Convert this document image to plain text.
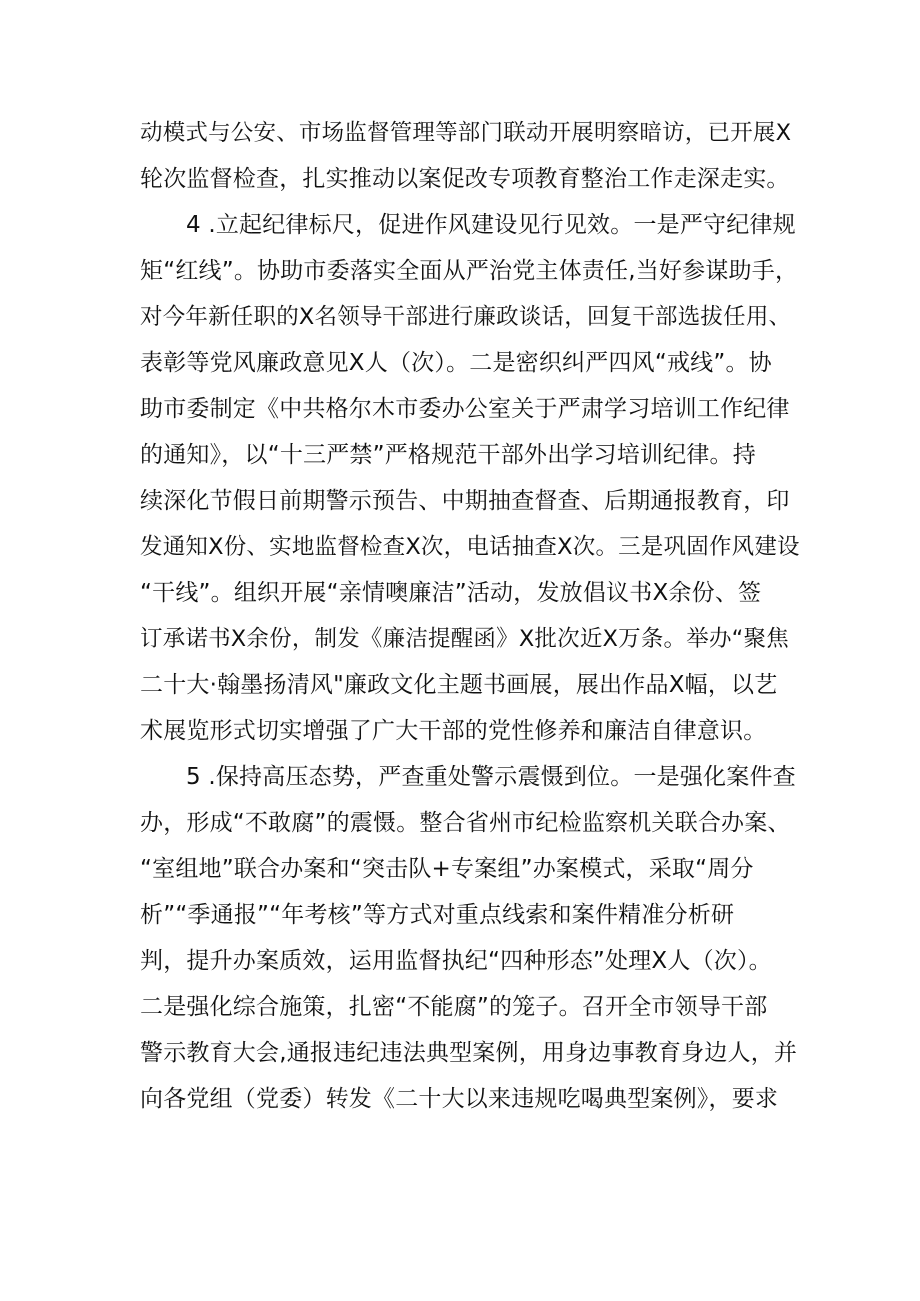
动模式与公安、市场监督管理等部门联动开展明察暗访，已开展X
轮次监督检查，扎实推动以案促改专项教育整治工作走深走实。
4 .立起纪律标尺，促进作风建设见行见效。一是严守纪律规
矩“红线”。协助市委落实全面从严治党主体责任,当好参谋助手，
对今年新任职的X名领导干部进行廉政谈话，回复干部选拔任用、
表彰等党风廉政意见X人（次）。二是密织纠严四风“戒线”。协
助市委制定《中共格尔木市委办公室关于严肃学习培训工作纪律
的通知》，以“十三严禁”严格规范干部外出学习培训纪律。持
续深化节假日前期警示预告、中期抽查督查、后期通报教育，印
发通知X份、实地监督检查X次，电话抽查X次。三是巩固作风建设
“干线”。组织开展“亲情噢廉洁”活动，发放倡议书X余份、签
订承诺书X余份，制发《廉洁提醒函》X批次近X万条。举办“聚焦
二十大·翰墨扬清风"廉政文化主题书画展，展出作品X幅，以艺
术展览形式切实增强了广大干部的党性修养和廉洁自律意识。
5 .保持高压态势，严查重处警示震慑到位。一是强化案件查
办，形成“不敢腐”的震慑。整合省州市纪检监察机关联合办案、
“室组地”联合办案和“突击队+专案组”办案模式，采取“周分
析”“季通报”“年考核”等方式对重点线索和案件精准分析研
判，提升办案质效，运用监督执纪“四种形态”处理X人（次）。
二是强化综合施策，扎密“不能腐”的笼子。召开全市领导干部
警示教育大会,通报违纪违法典型案例，用身边事教育身边人，并
向各党组（党委）转发《二十大以来违规吃喝典型案例》，要求
